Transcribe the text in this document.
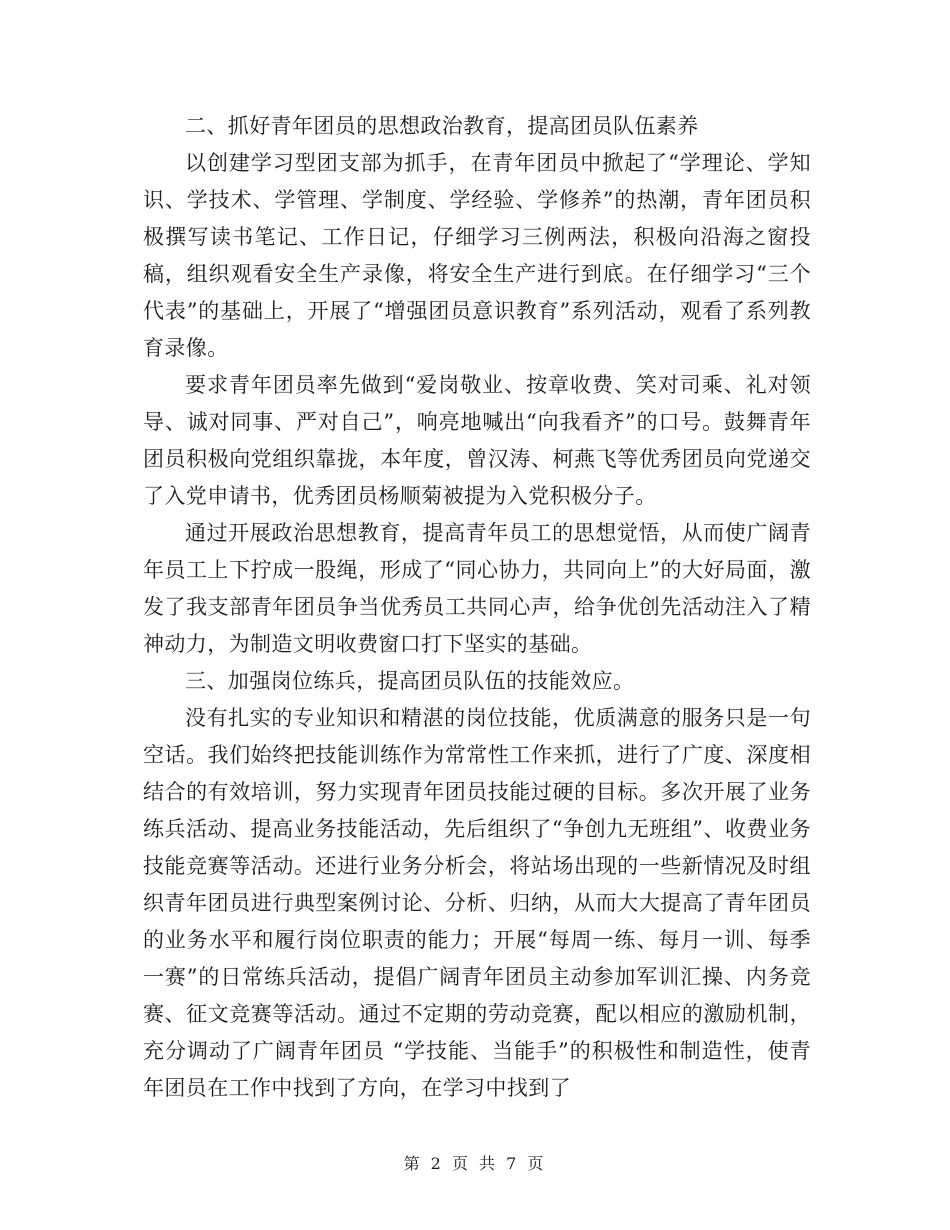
二、抓好青年团员的思想政治教育，提高团员队伍素养

以创建学习型团支部为抓手，在青年团员中掀起了“学理论、学知识、学技术、学管理、学制度、学经验、学修养”的热潮，青年团员积极撰写读书笔记、工作日记，仔细学习三例两法，积极向沿海之窗投稿，组织观看安全生产录像，将安全生产进行到底。在仔细学习“三个代表”的基础上，开展了“增强团员意识教育”系列活动，观看了系列教育录像。

要求青年团员率先做到“爱岗敬业、按章收费、笑对司乘、礼对领导、诚对同事、严对自己”，响亮地喊出“向我看齐”的口号。鼓舞青年团员积极向党组织靠拢，本年度，曾汉涛、柯燕飞等优秀团员向党递交了入党申请书，优秀团员杨顺菊被提为入党积极分子。

通过开展政治思想教育，提高青年员工的思想觉悟，从而使广阔青年员工上下拧成一股绳，形成了“同心协力，共同向上”的大好局面，激发了我支部青年团员争当优秀员工共同心声，给争优创先活动注入了精神动力，为制造文明收费窗口打下坚实的基础。

三、加强岗位练兵，提高团员队伍的技能效应。

没有扎实的专业知识和精湛的岗位技能，优质满意的服务只是一句空话。我们始终把技能训练作为常常性工作来抓，进行了广度、深度相结合的有效培训，努力实现青年团员技能过硬的目标。多次开展了业务练兵活动、提高业务技能活动，先后组织了“争创九无班组”、收费业务技能竞赛等活动。还进行业务分析会，将站场出现的一些新情况及时组织青年团员进行典型案例讨论、分析、归纳，从而大大提高了青年团员的业务水平和履行岗位职责的能力；开展“每周一练、每月一训、每季一赛”的日常练兵活动，提倡广阔青年团员主动参加军训汇操、内务竞赛、征文竞赛等活动。通过不定期的劳动竞赛，配以相应的激励机制，充分调动了广阔青年团员 “学技能、当能手”的积极性和制造性，使青年团员在工作中找到了方向，在学习中找到了

第 2 页 共 7 页
